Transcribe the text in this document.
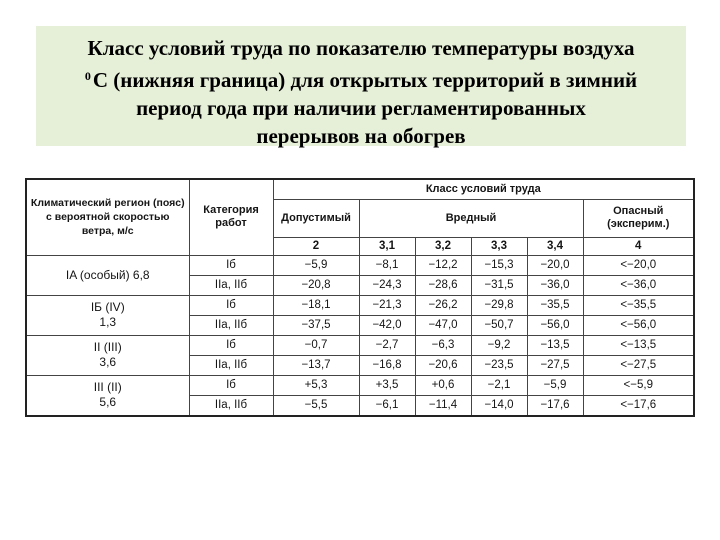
Класс условий труда по показателю температуры воздуха
$^0$С (нижняя граница) для открытых территорий в зимний
период года при наличии регламентированных
перерывов на обогрев
Климатический регион (пояс) с вероятной скоростью ветра, м/с	Категория работ	Класс условий труда					
		Допустимый	Вредный				Опасный (эксперим.)
		2	3,1	3,2	3,3	3,4	4

IA (особый) 6,8	Iб	−5,9	−8,1	−12,2	−15,3	−20,0	<−20,0
	IIa, IIб	−20,8	−24,3	−28,6	−31,5	−36,0	<−36,0

IБ (IV)
1,3	Iб	−18,1	−21,3	−26,2	−29,8	−35,5	<−35,5
	IIa, IIб	−37,5	−42,0	−47,0	−50,7	−56,0	<−56,0

II (III)
3,6	Iб	−0,7	−2,7	−6,3	−9,2	−13,5	<−13,5
	IIa, IIб	−13,7	−16,8	−20,6	−23,5	−27,5	<−27,5

III (II)
5,6	Iб	+5,3	+3,5	+0,6	−2,1	−5,9	<−5,9
	IIa, IIб	−5,5	−6,1	−11,4	−14,0	−17,6	<−17,6
